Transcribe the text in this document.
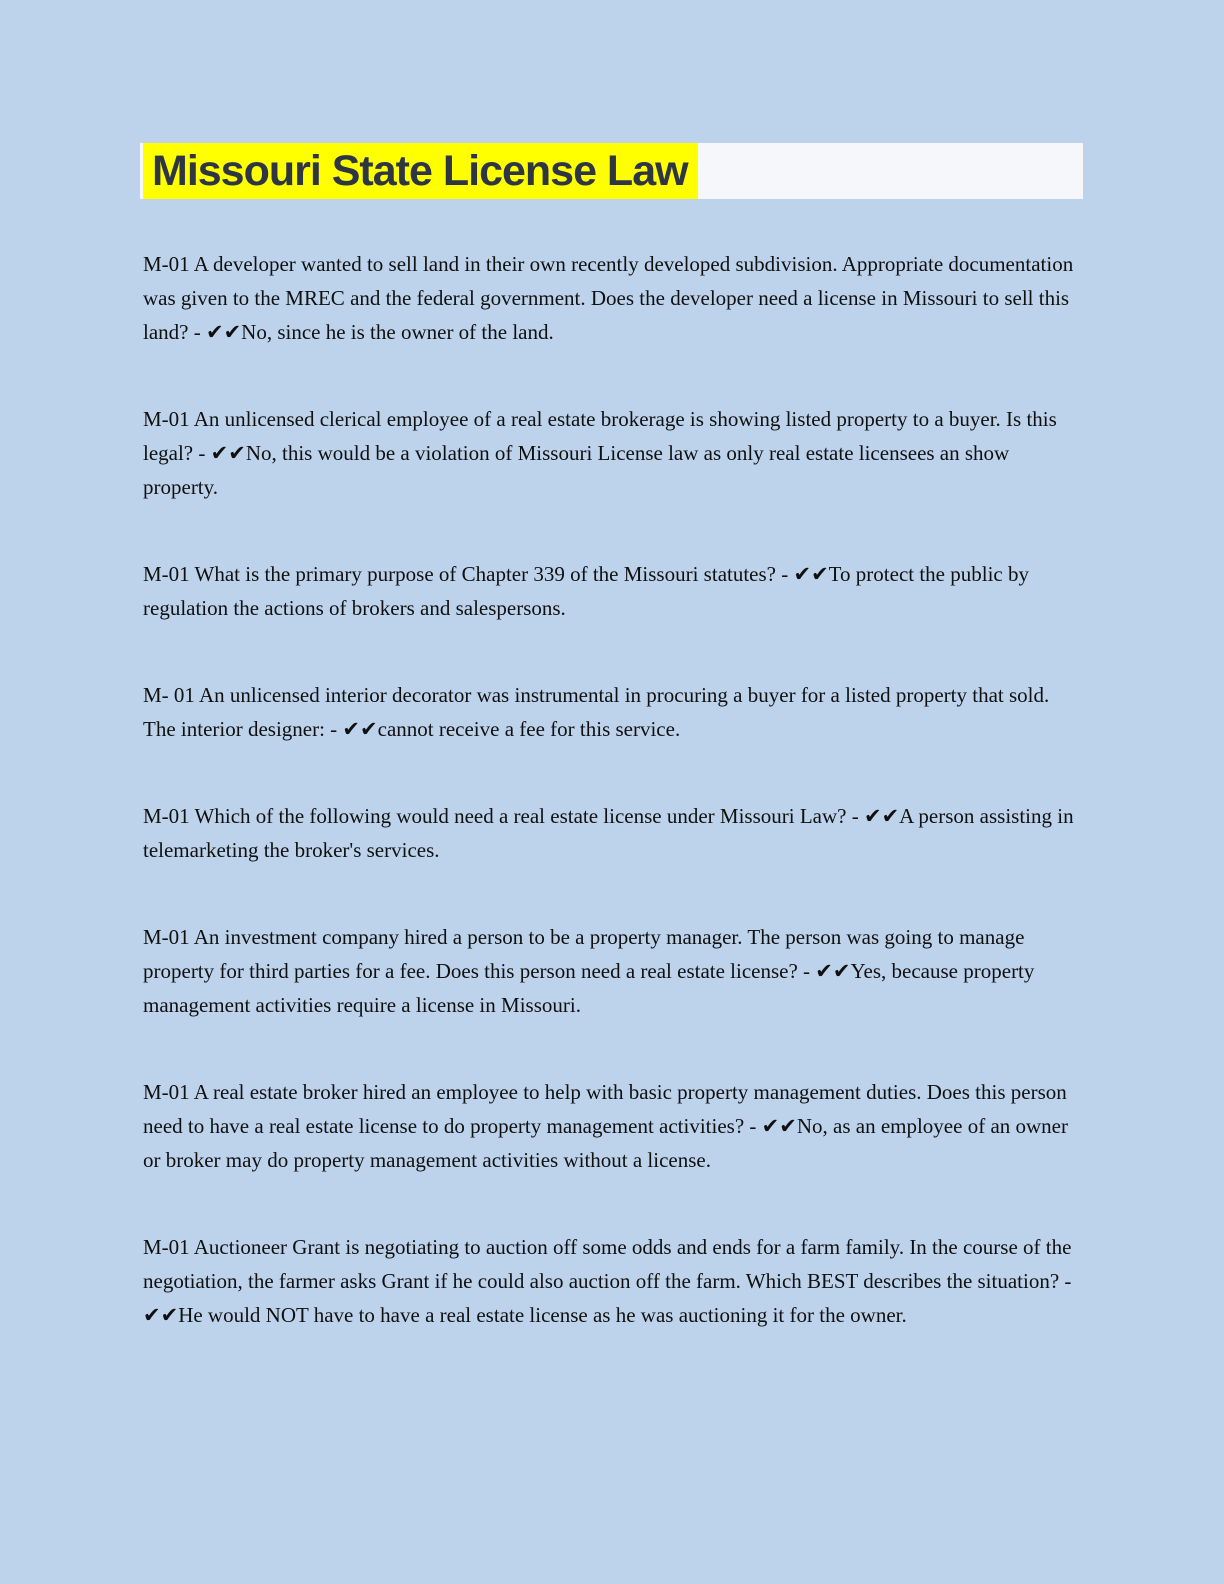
Missouri State License Law

M-01 A developer wanted to sell land in their own recently developed subdivision. Appropriate documentation was given to the MREC and the federal government. Does the developer need a license in Missouri to sell this land? - ✔✔No, since he is the owner of the land.

M-01 An unlicensed clerical employee of a real estate brokerage is showing listed property to a buyer. Is this legal? - ✔✔No, this would be a violation of Missouri License law as only real estate licensees an show property.

M-01 What is the primary purpose of Chapter 339 of the Missouri statutes? - ✔✔To protect the public by regulation the actions of brokers and salespersons.

M- 01 An unlicensed interior decorator was instrumental in procuring a buyer for a listed property that sold. The interior designer: - ✔✔cannot receive a fee for this service.

M-01 Which of the following would need a real estate license under Missouri Law? - ✔✔A person assisting in telemarketing the broker's services.

M-01 An investment company hired a person to be a property manager. The person was going to manage property for third parties for a fee. Does this person need a real estate license? - ✔✔Yes, because property management activities require a license in Missouri.

M-01 A real estate broker hired an employee to help with basic property management duties. Does this person need to have a real estate license to do property management activities? - ✔✔No, as an employee of an owner or broker may do property management activities without a license.

M-01 Auctioneer Grant is negotiating to auction off some odds and ends for a farm family. In the course of the negotiation, the farmer asks Grant if he could also auction off the farm. Which BEST describes the situation? - ✔✔He would NOT have to have a real estate license as he was auctioning it for the owner.
